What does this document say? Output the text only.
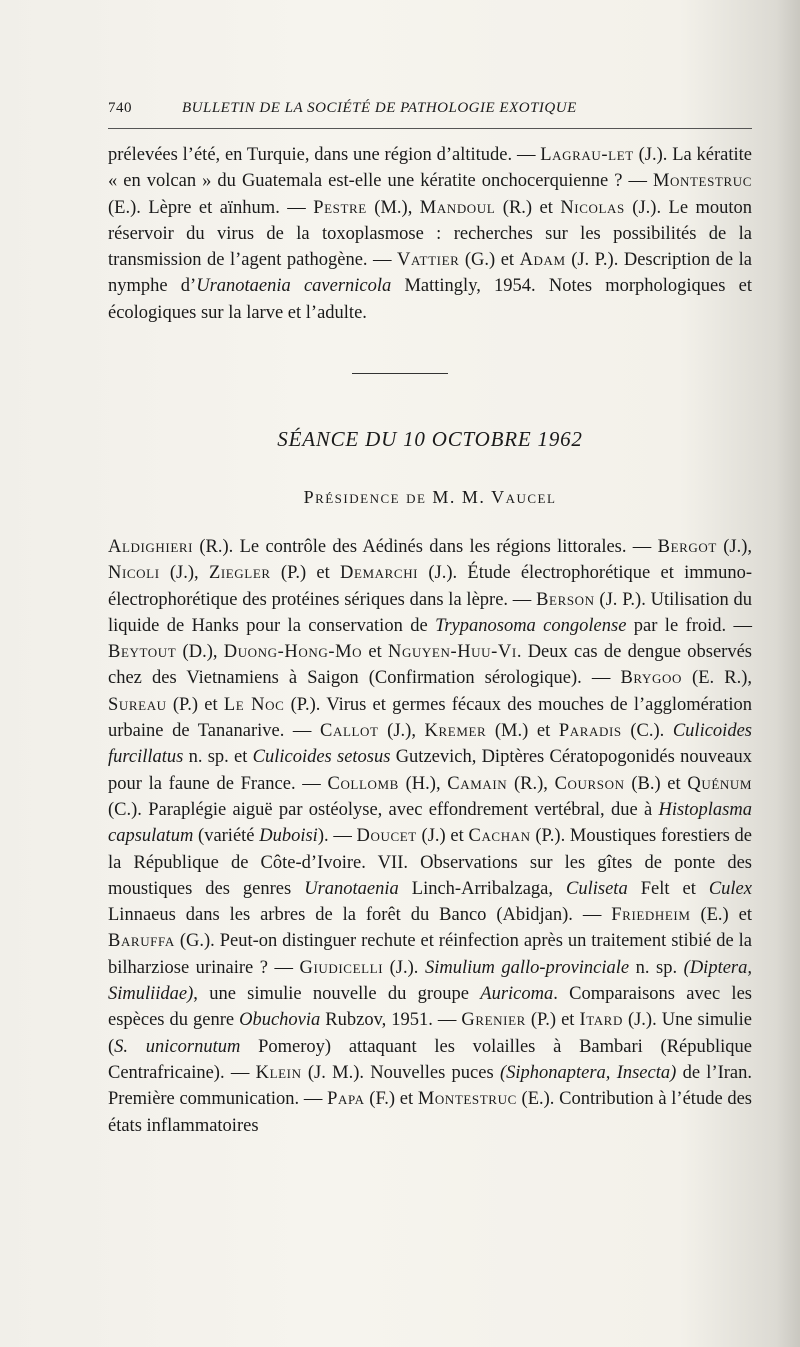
740	BULLETIN DE LA SOCIÉTÉ DE PATHOLOGIE EXOTIQUE
prélevées l’été, en Turquie, dans une région d’altitude. — Lagrau-let (J.). La kératite « en volcan » du Guatemala est-elle une kératite onchocerquienne ? — Montestruc (E.). Lèpre et aïnhum. — Pestre (M.), Mandoul (R.) et Nicolas (J.). Le mouton réservoir du virus de la toxoplasmose : recherches sur les possibilités de la transmission de l’agent pathogène. — Vattier (G.) et Adam (J. P.). Description de la nymphe d’Uranotaenia cavernicola Mattingly, 1954. Notes morphologiques et écologiques sur la larve et l’adulte.
SÉANCE DU 10 OCTOBRE 1962
Présidence de M. M. Vaucel
Aldighieri (R.). Le contrôle des Aédinés dans les régions littorales. — Bergot (J.), Nicoli (J.), Ziegler (P.) et Demarchi (J.). Étude électrophorétique et immuno-électrophorétique des protéines sériques dans la lèpre. — Berson (J. P.). Utilisation du liquide de Hanks pour la conservation de Trypanosoma congolense par le froid. — Beytout (D.), Duong-Hong-Mo et Nguyen-Huu-Vi. Deux cas de dengue observés chez des Vietnamiens à Saigon (Confirmation sérologique). — Brygoo (E. R.), Sureau (P.) et Le Noc (P.). Virus et germes fécaux des mouches de l’agglomération urbaine de Tananarive. — Callot (J.), Kremer (M.) et Paradis (C.). Culicoides furcillatus n. sp. et Culicoides setosus Gutzevich, Diptères Cératopogonidés nouveaux pour la faune de France. — Collomb (H.), Camain (R.), Courson (B.) et Quénum (C.). Paraplégie aiguë par ostéolyse, avec effondrement vertébral, due à Histoplasma capsulatum (variété Duboisi). — Doucet (J.) et Cachan (P.). Moustiques forestiers de la République de Côte-d’Ivoire. VII. Observations sur les gîtes de ponte des moustiques des genres Uranotaenia Linch-Arribalzaga, Culiseta Felt et Culex Linnaeus dans les arbres de la forêt du Banco (Abidjan). — Friedheim (E.) et Baruffa (G.). Peut-on distinguer rechute et réinfection après un traitement stibié de la bilharziose urinaire ? — Giudicelli (J.). Simulium gallo-provinciale n. sp. (Diptera, Simuliidae), une simulie nouvelle du groupe Auricoma. Comparaisons avec les espèces du genre Obuchovia Rubzov, 1951. — Grenier (P.) et Itard (J.). Une simulie (S. unicornutum Pomeroy) attaquant les volailles à Bambari (République Centrafricaine). — Klein (J. M.). Nouvelles puces (Siphonaptera, Insecta) de l’Iran. Première communication. — Papa (F.) et Montestruc (E.). Contribution à l’étude des états inflammatoires
